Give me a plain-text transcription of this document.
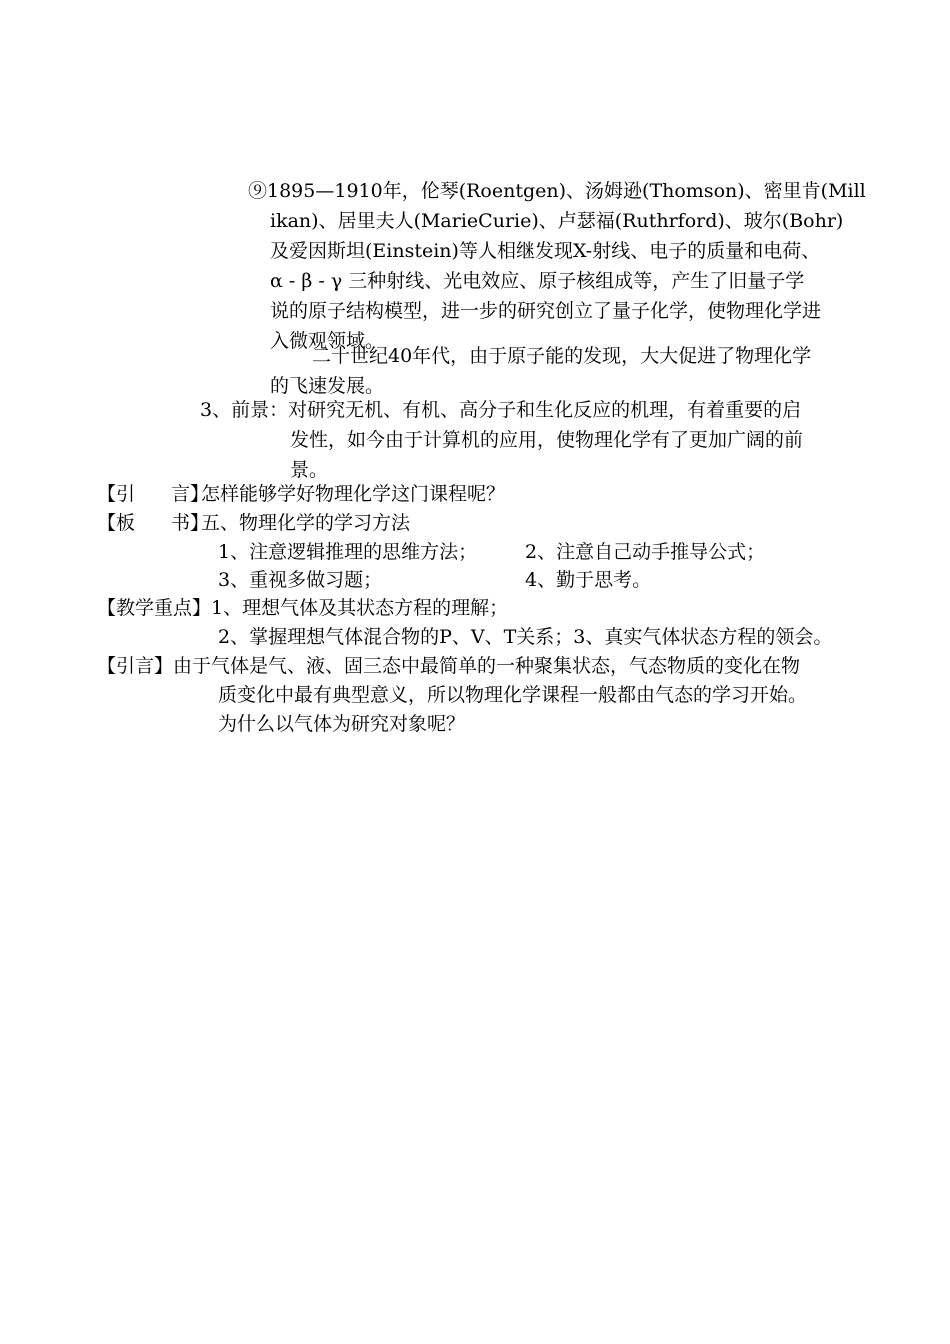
⑨1895—1910年，伦琴(Roentgen)、汤姆逊(Thomson)、密里肯(Mill
ikan)、居里夫人(MarieCurie)、卢瑟福(Ruthrford)、玻尔(Bohr)
及爱因斯坦(Einstein)等人相继发现X-射线、电子的质量和电荷、
α - β - γ 三种射线、光电效应、原子核组成等，产生了旧量子学
说的原子结构模型，进一步的研究创立了量子化学，使物理化学进
入微观领域。
二十世纪40年代，由于原子能的发现，大大促进了物理化学
的飞速发展。
3、前景：对研究无机、有机、高分子和生化反应的机理，有着重要的启
发性，如今由于计算机的应用，使物理化学有了更加广阔的前
景。
【引 言】怎样能够学好物理化学这门课程呢？
【板 书】五、物理化学的学习方法
1、注意逻辑推理的思维方法；	2、注意自己动手推导公式；
3、重视多做习题；	4、勤于思考。
【教学重点】1、理想气体及其状态方程的理解；
2、掌握理想气体混合物的P、V、T关系；3、真实气体状态方程的领会。
【引言】由于气体是气、液、固三态中最简单的一种聚集状态，气态物质的变化在物
质变化中最有典型意义，所以物理化学课程一般都由气态的学习开始。
为什么以气体为研究对象呢？
